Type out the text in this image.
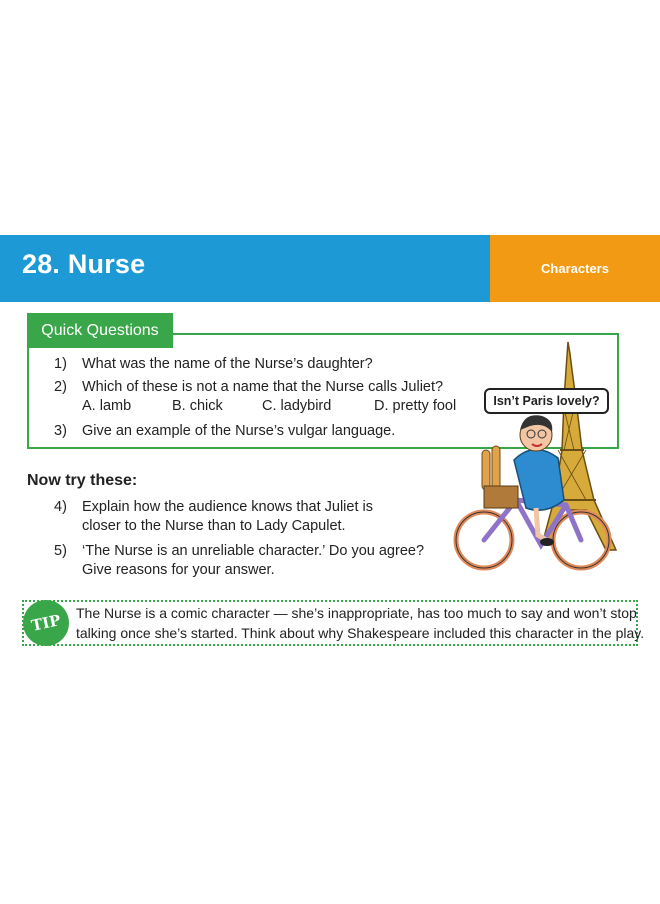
28. Nurse	Characters
Quick Questions
1) What was the name of the Nurse’s daughter?
2) Which of these is not a name that the Nurse calls Juliet?
A. lamb	B. chick	C. ladybird	D. pretty fool
3) Give an example of the Nurse’s vulgar language.
Now try these:
4) Explain how the audience knows that Juliet is
closer to the Nurse than to Lady Capulet.
5) ‘The Nurse is an unreliable character.’ Do you agree?
Give reasons for your answer.
Isn’t Paris lovely?
TIP The Nurse is a comic character — she’s inappropriate, has too much to say and won’t stop
talking once she’s started. Think about why Shakespeare included this character in the play.
